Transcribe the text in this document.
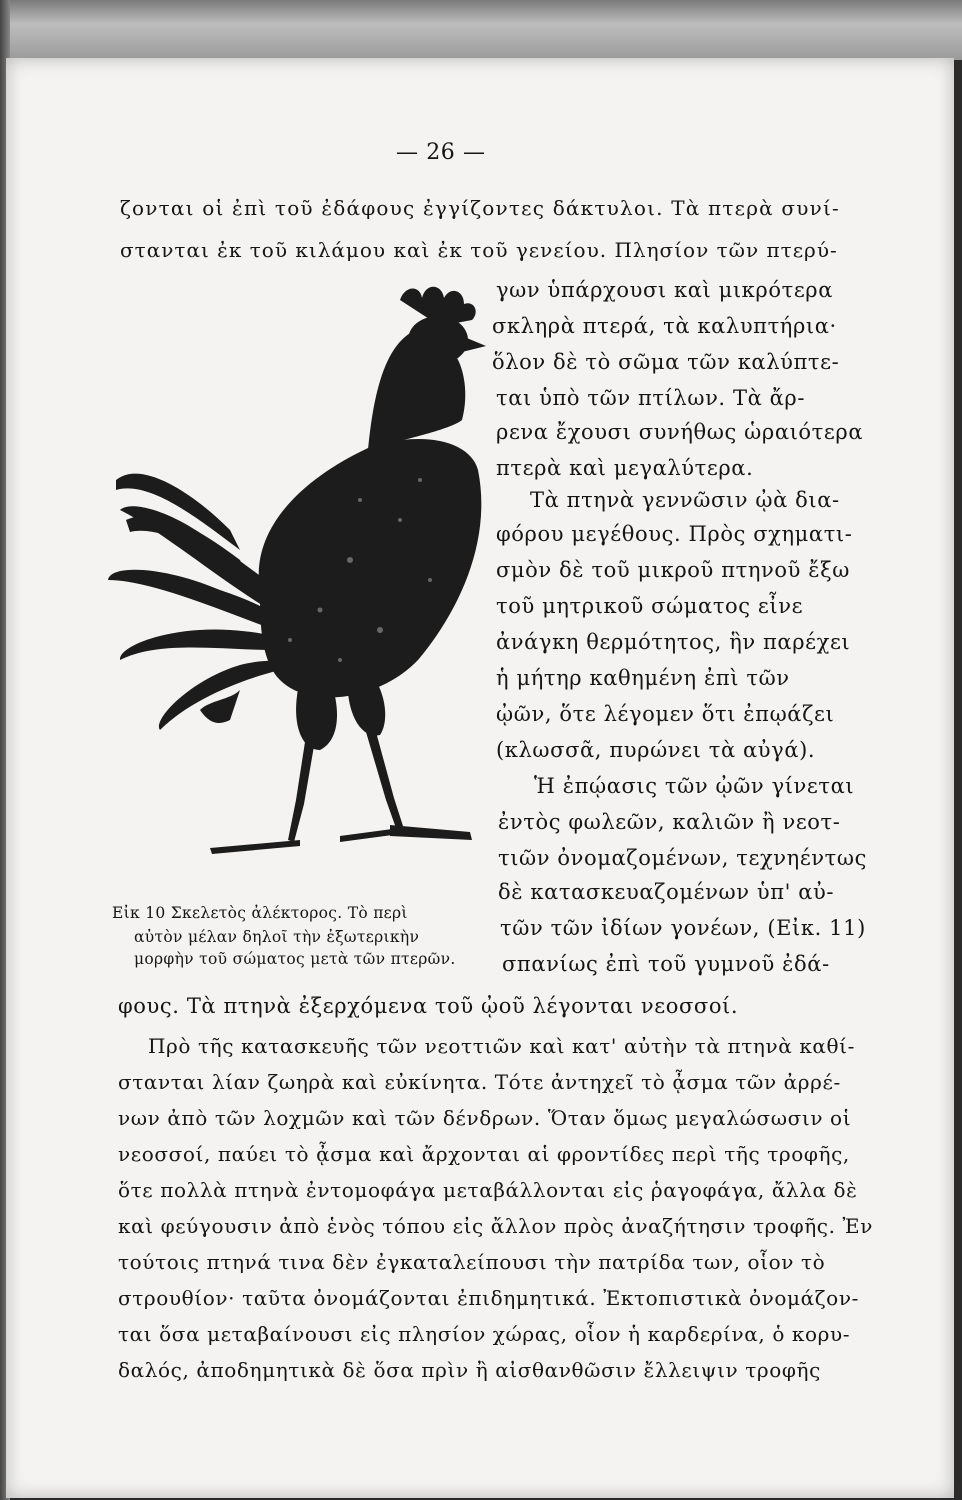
— 26 —
ζονται οἱ ἐπὶ τοῦ ἐδάφους ἐγγίζοντες δάκτυλοι. Τὰ πτερὰ συνί-
στανται ἐκ τοῦ κιλάμου καὶ ἐκ τοῦ γενείου. Πλησίον τῶν πτερύ-
γων ὑπάρχουσι καὶ μικρότερα
σκληρὰ πτερά, τὰ καλυπτήρια·
ὅλον δὲ τὸ σῶμα τῶν καλύπτε-
ται ὑπὸ τῶν πτίλων. Τὰ ἄρ-
ρενα ἔχουσι συνήθως ὡραιότερα
πτερὰ καὶ μεγαλύτερα.
Τὰ πτηνὰ γεννῶσιν ᾠὰ δια-
φόρου μεγέθους. Πρὸς σχηματι-
σμὸν δὲ τοῦ μικροῦ πτηνοῦ ἔξω
τοῦ μητρικοῦ σώματος εἶνε
ἀνάγκη θερμότητος, ἣν παρέχει
ἡ μήτηρ καθημένη ἐπὶ τῶν
ᾠῶν, ὅτε λέγομεν ὅτι ἐπῳάζει
(κλωσσᾶ, πυρώνει τὰ αὐγά).
Ἡ ἐπῴασις τῶν ᾠῶν γίνεται
ἐντὸς φωλεῶν, καλιῶν ἢ νεοτ-
τιῶν ὀνομαζομένων, τεχνηέντως
δὲ κατασκευαζομένων ὑπ' αὐ-
τῶν τῶν ἰδίων γονέων, (Εἰκ. 11)
σπανίως ἐπὶ τοῦ γυμνοῦ ἐδά-
Εἰκ 10 Σκελετὸς ἀλέκτορος. Τὸ περὶ
αὐτὸν μέλαν δηλοῖ τὴν ἐξωτερικὴν
μορφὴν τοῦ σώματος μετὰ τῶν πτερῶν.
φους. Τὰ πτηνὰ ἐξερχόμενα τοῦ ᾠοῦ λέγονται νεοσσοί.
Πρὸ τῆς κατασκευῆς τῶν νεοττιῶν καὶ κατ' αὐτὴν τὰ πτηνὰ καθί-
στανται λίαν ζωηρὰ καὶ εὐκίνητα. Τότε ἀντηχεῖ τὸ ᾆσμα τῶν ἀρρέ-
νων ἀπὸ τῶν λοχμῶν καὶ τῶν δένδρων. Ὅταν ὅμως μεγαλώσωσιν οἱ
νεοσσοί, παύει τὸ ᾆσμα καὶ ἄρχονται αἱ φροντίδες περὶ τῆς τροφῆς,
ὅτε πολλὰ πτηνὰ ἐντομοφάγα μεταβάλλονται εἰς ῥαγοφάγα, ἄλλα δὲ
καὶ φεύγουσιν ἀπὸ ἑνὸς τόπου εἰς ἄλλον πρὸς ἀναζήτησιν τροφῆς. Ἐν
τούτοις πτηνά τινα δὲν ἐγκαταλείπουσι τὴν πατρίδα των, οἷον τὸ
στρουθίον· ταῦτα ὀνομάζονται ἐπιδημητικά. Ἐκτοπιστικὰ ὀνομάζον-
ται ὅσα μεταβαίνουσι εἰς πλησίον χώρας, οἷον ἡ καρδερίνα, ὁ κορυ-
δαλός, ἀποδημητικὰ δὲ ὅσα πρὶν ἢ αἰσθανθῶσιν ἔλλειψιν τροφῆς
